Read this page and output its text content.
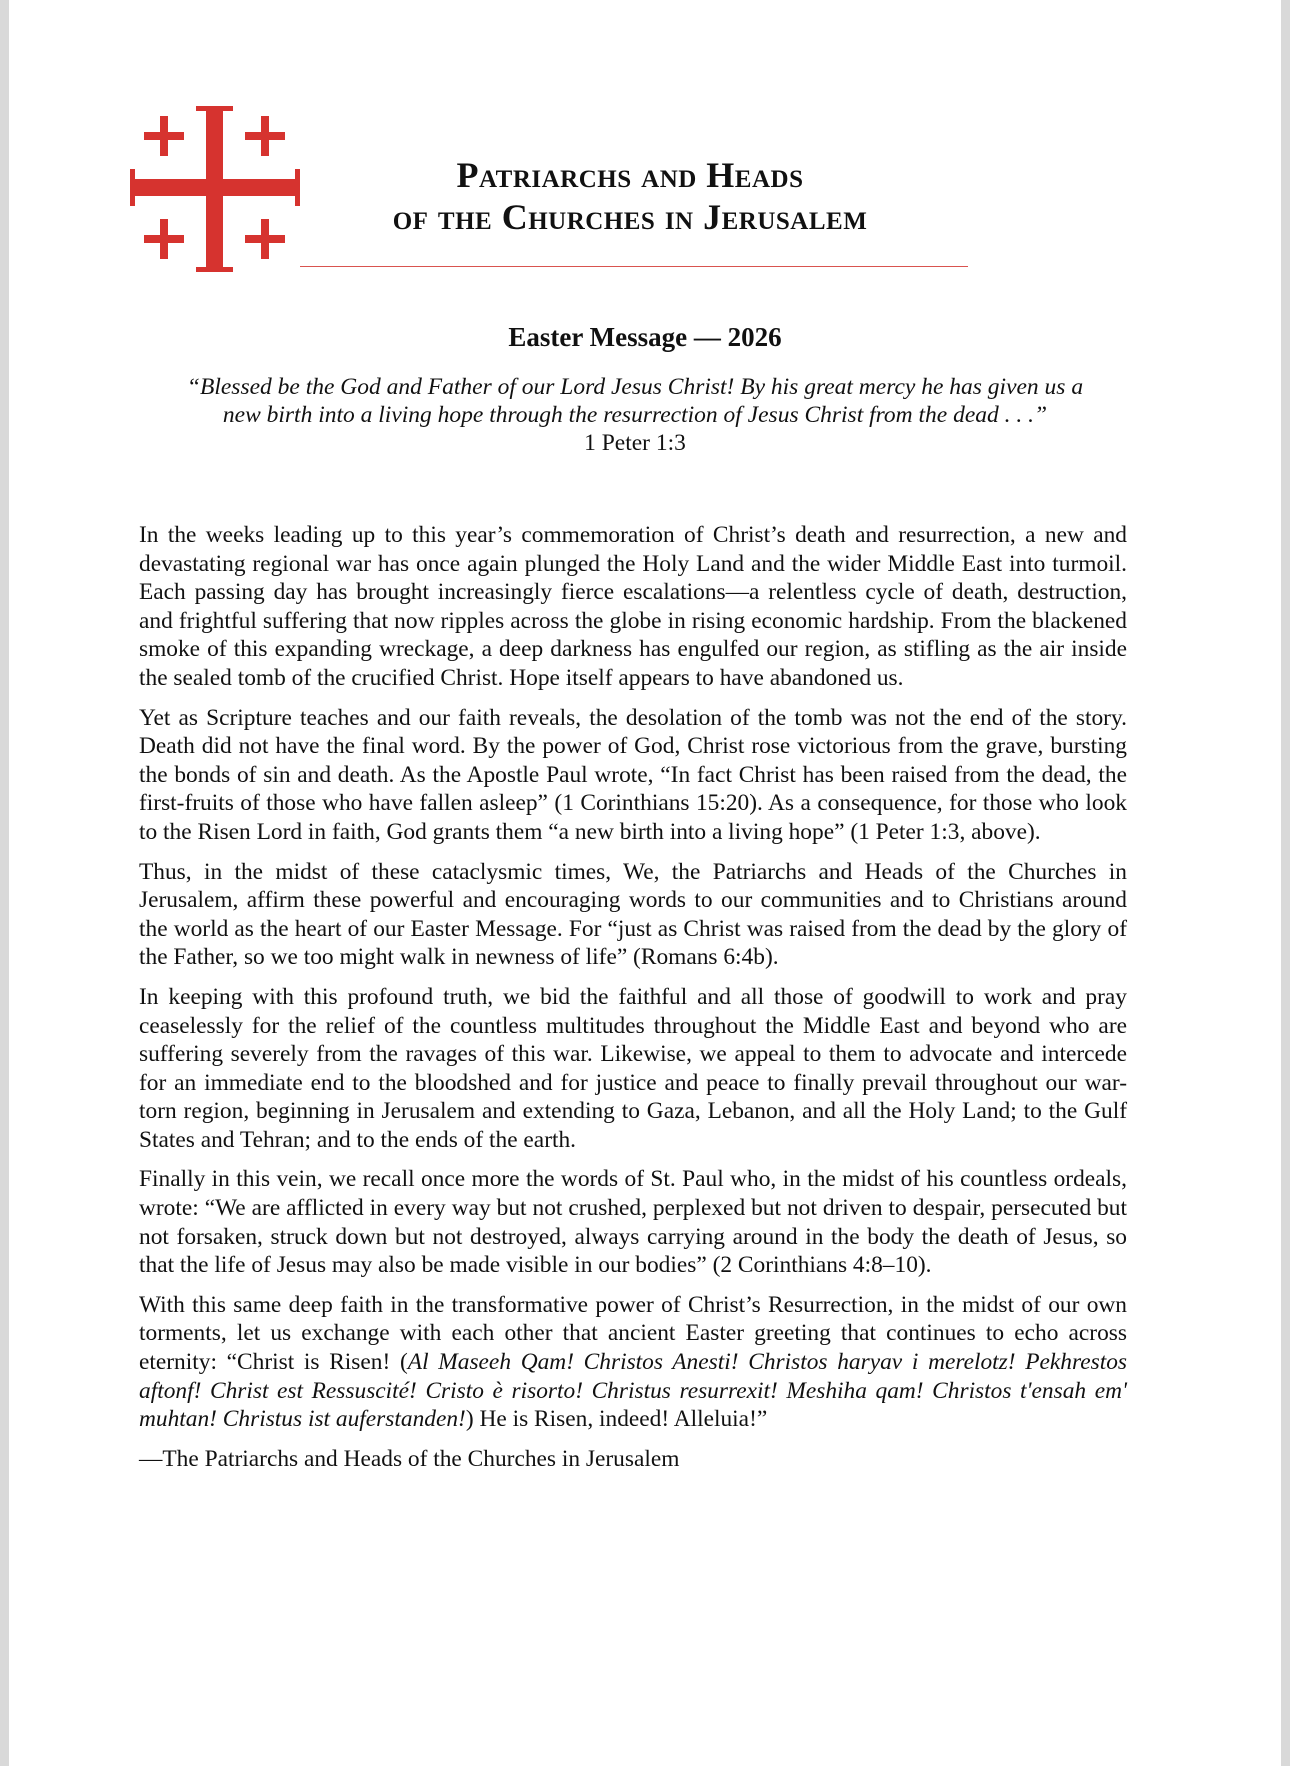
Patriarchs and Heads
of the Churches in Jerusalem
Easter Message — 2026
“Blessed be the God and Father of our Lord Jesus Christ! By his great mercy he has given us a
new birth into a living hope through the resurrection of Jesus Christ from the dead . . .”
1 Peter 1:3

In the weeks leading up to this year’s commemoration of Christ’s death and resurrection, a new and devastating regional war has once again plunged the Holy Land and the wider Middle East into turmoil. Each passing day has brought increasingly fierce escalations—a relentless cycle of death, destruction, and frightful suffering that now ripples across the globe in rising economic hardship. From the blackened smoke of this expanding wreckage, a deep darkness has engulfed our region, as stifling as the air inside the sealed tomb of the crucified Christ. Hope itself appears to have abandoned us.

Yet as Scripture teaches and our faith reveals, the desolation of the tomb was not the end of the story. Death did not have the final word. By the power of God, Christ rose victorious from the grave, bursting the bonds of sin and death. As the Apostle Paul wrote, “In fact Christ has been raised from the dead, the first-fruits of those who have fallen asleep” (1 Corinthians 15:20). As a consequence, for those who look to the Risen Lord in faith, God grants them “a new birth into a living hope” (1 Peter 1:3, above).

Thus, in the midst of these cataclysmic times, We, the Patriarchs and Heads of the Churches in Jerusalem, affirm these powerful and encouraging words to our communities and to Christians around the world as the heart of our Easter Message. For “just as Christ was raised from the dead by the glory of the Father, so we too might walk in newness of life” (Romans 6:4b).

In keeping with this profound truth, we bid the faithful and all those of goodwill to work and pray ceaselessly for the relief of the countless multitudes throughout the Middle East and beyond who are suffering severely from the ravages of this war. Likewise, we appeal to them to advocate and intercede for an immediate end to the bloodshed and for justice and peace to finally prevail throughout our war-torn region, beginning in Jerusalem and extending to Gaza, Lebanon, and all the Holy Land; to the Gulf States and Tehran; and to the ends of the earth.

Finally in this vein, we recall once more the words of St. Paul who, in the midst of his countless ordeals, wrote: “We are afflicted in every way but not crushed, perplexed but not driven to despair, persecuted but not forsaken, struck down but not destroyed, always carrying around in the body the death of Jesus, so that the life of Jesus may also be made visible in our bodies” (2 Corinthians 4:8–10).

With this same deep faith in the transformative power of Christ’s Resurrection, in the midst of our own torments, let us exchange with each other that ancient Easter greeting that continues to echo across eternity: “Christ is Risen! (Al Maseeh Qam! Christos Anesti! Christos haryav i merelotz! Pekhrestos aftonf! Christ est Ressuscité! Cristo è risorto! Christus resurrexit! Meshiha qam! Christos t'ensah em' muhtan! Christus ist auferstanden!) He is Risen, indeed! Alleluia!”

—The Patriarchs and Heads of the Churches in Jerusalem
